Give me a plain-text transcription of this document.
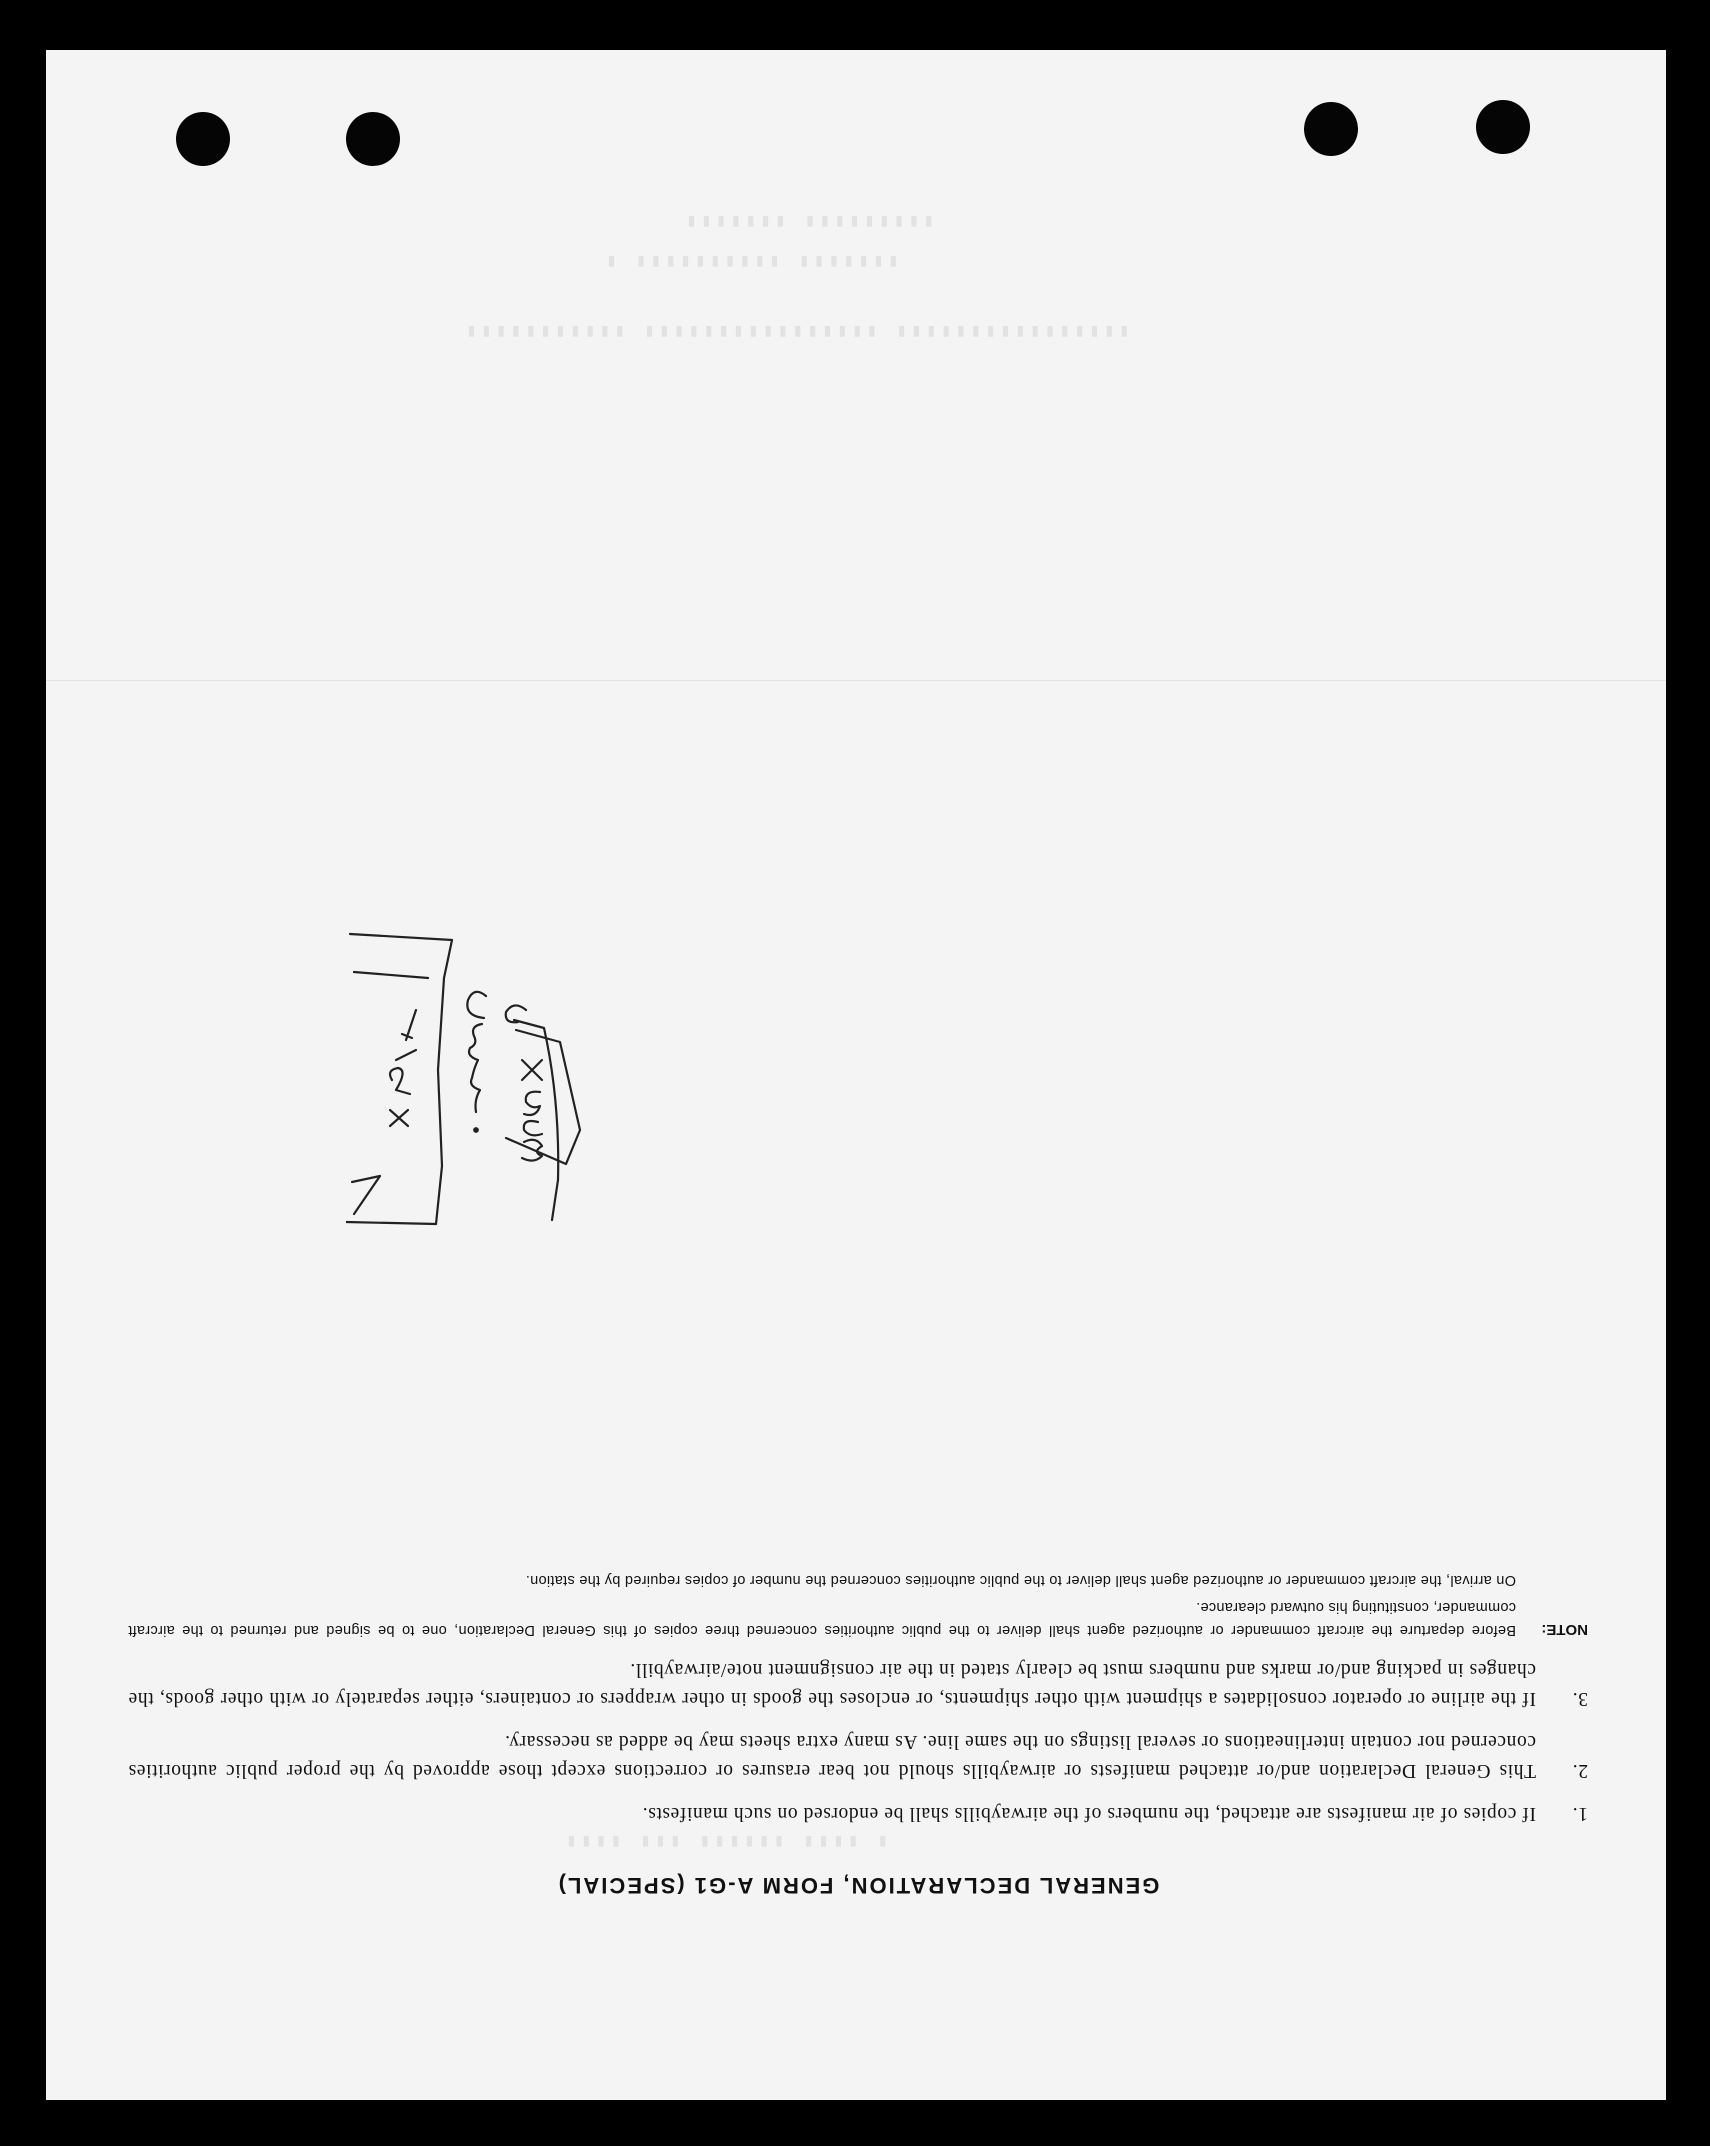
▮▮▮▮▮▮▮ ▮▮▮▮▮▮▮▮▮
▮ ▮▮▮▮▮▮▮▮▮▮ ▮▮▮▮▮▮▮
▮▮▮▮▮▮▮▮▮▮▮ ▮▮▮▮▮▮▮▮▮▮▮▮▮▮▮▮ ▮▮▮▮▮▮▮▮▮▮▮▮▮▮▮▮
▮▮▮▮ ▮▮▮ ▮▮▮▮▮▮ ▮▮▮▮ ▮
GENERAL DECLARATION, FORM A-G1 (SPECIAL)
1.
If copies of air manifests are attached, the numbers of the airwaybills shall be endorsed on such manifests.
2.
This General Declaration and/or attached manifests or airwaybills should not bear erasures or corrections except those approved by the proper public authorities concerned nor contain interlineations or several listings on the same line. As many extra sheets may be added as necessary.
3.
If the airline or operator consolidates a shipment with other shipments, or encloses the goods in other wrappers or containers, either separately or with other goods, the changes in packing and/or marks and numbers must be clearly stated in the air consignment note/airwaybill.
NOTE:

Before departure the aircraft commander or authorized agent shall deliver to the public authorities concerned three copies of this General Declaration, one to be signed and returned to the aircraft commander, constituting his outward clearance.

On arrival, the aircraft commander or authorized agent shall deliver to the public authorities concerned the number of copies required by the station.
